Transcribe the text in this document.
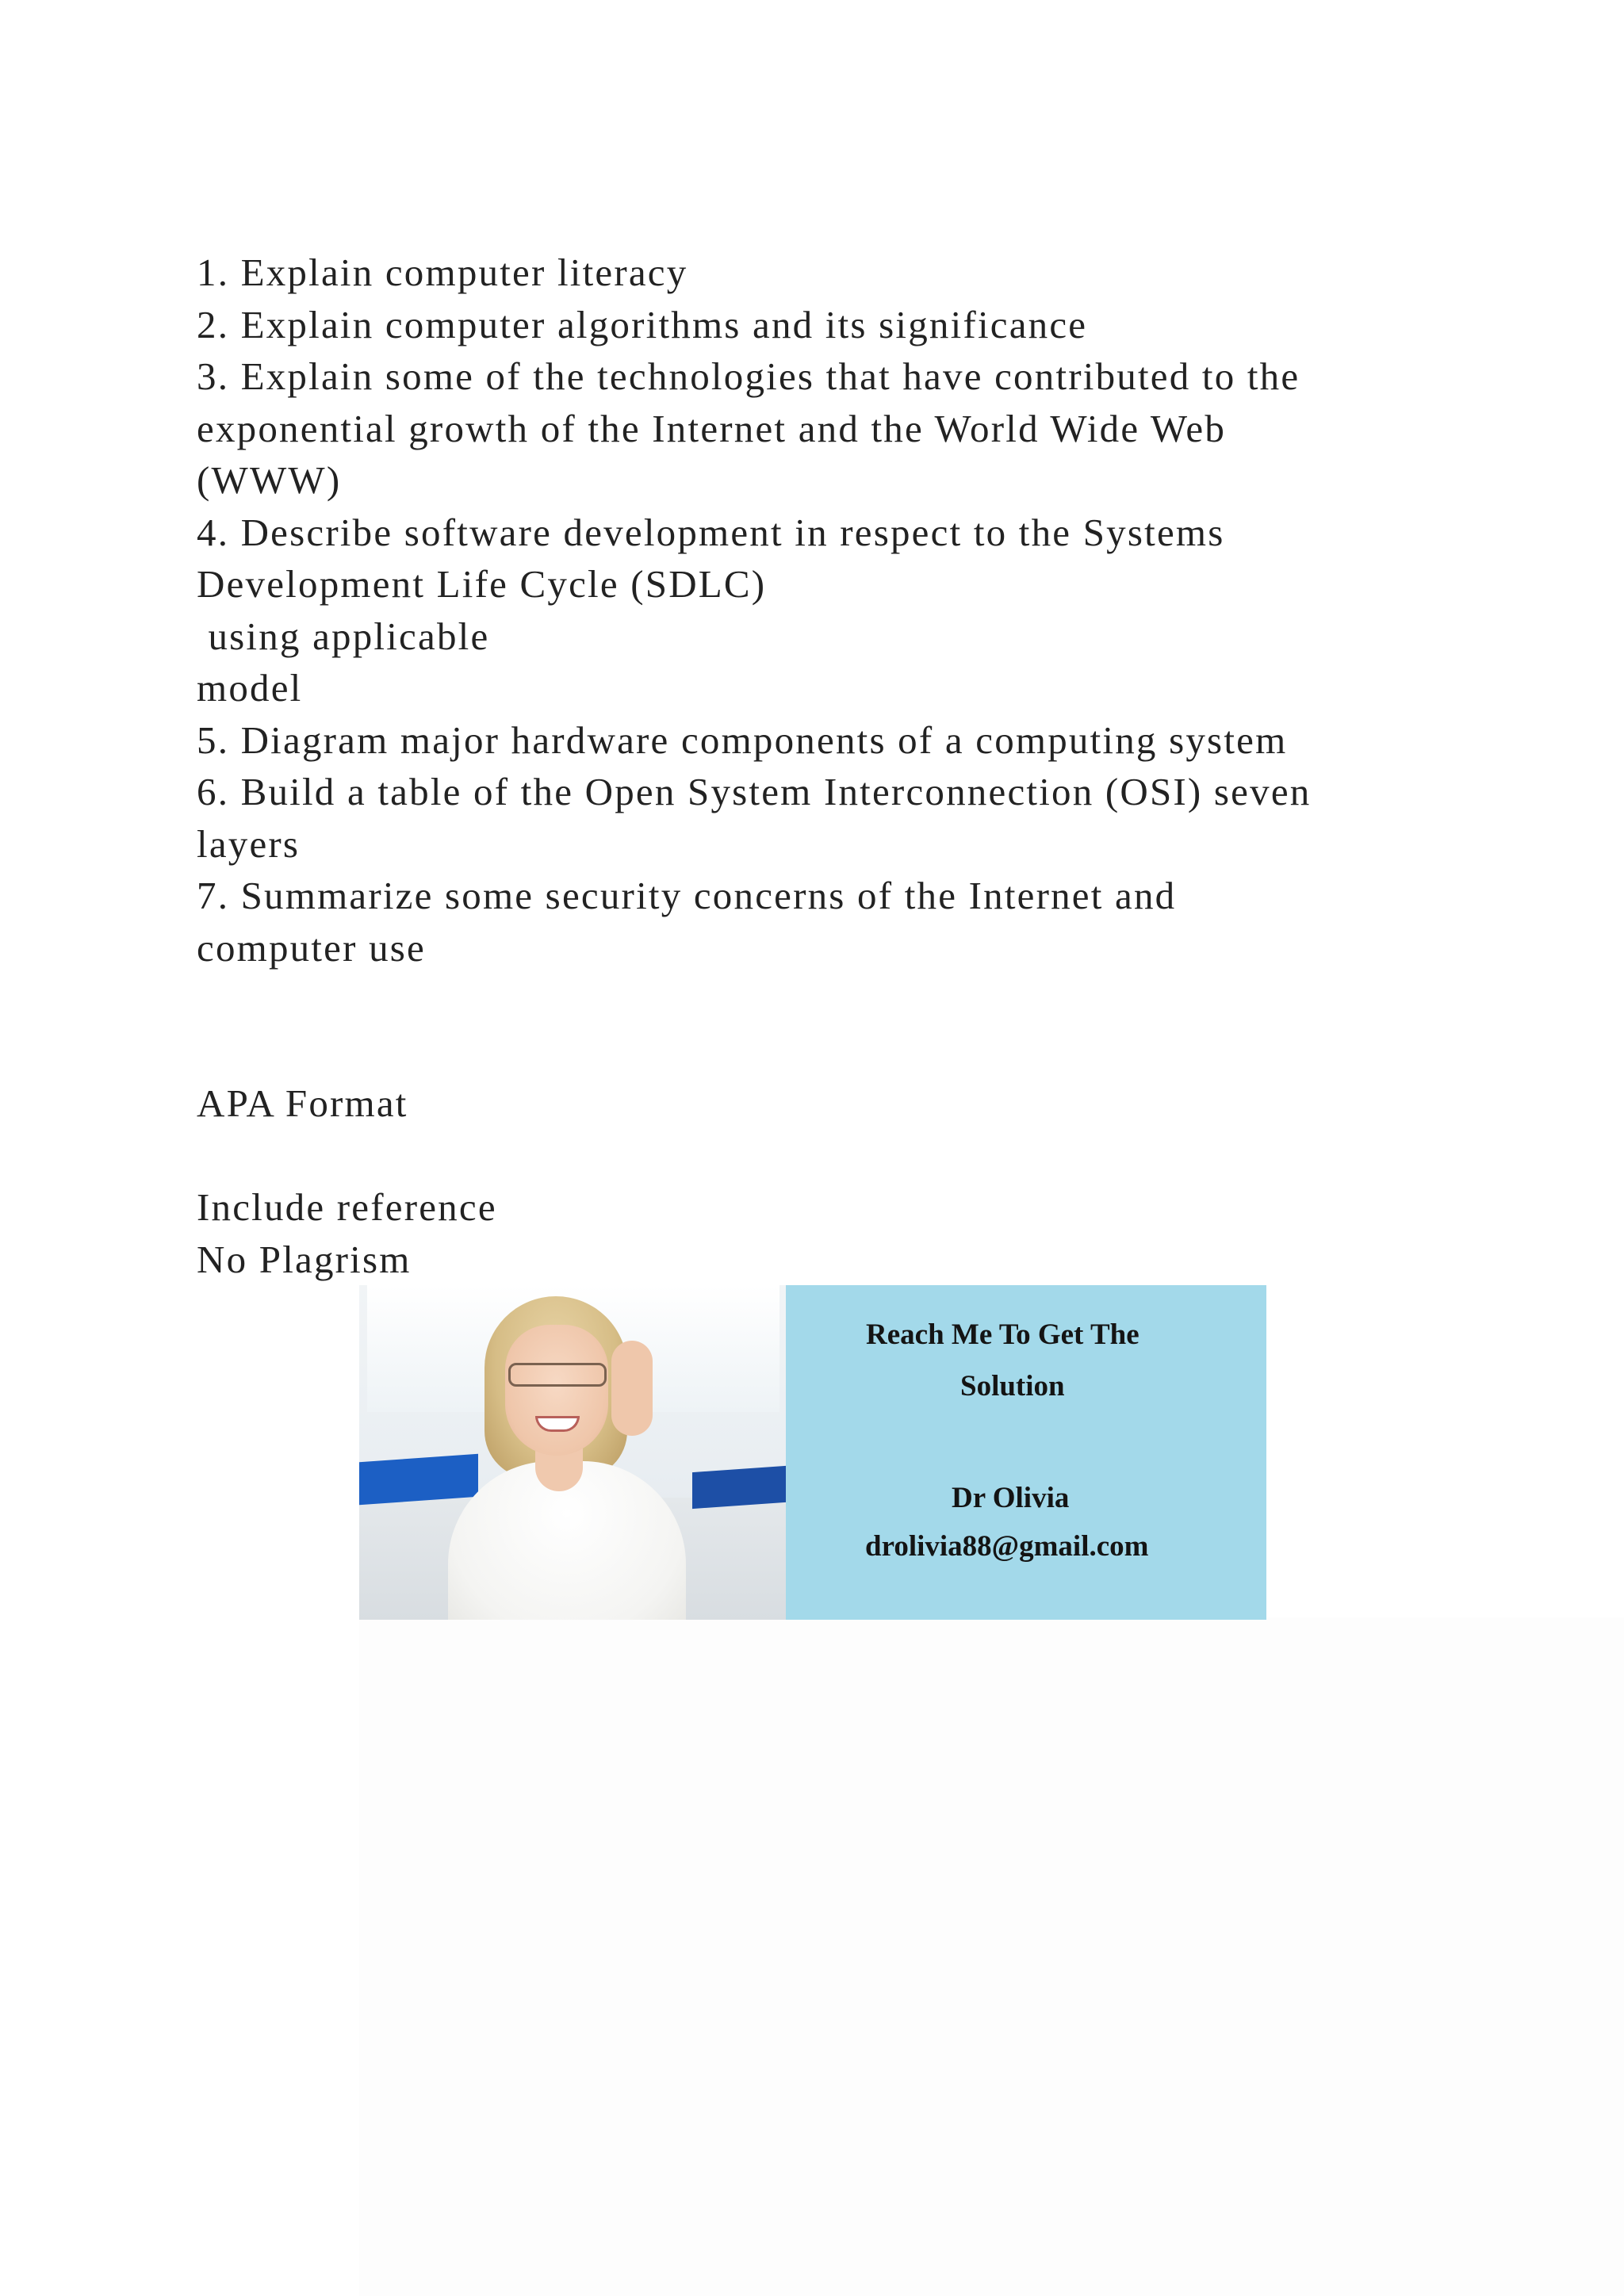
1. Explain computer literacy
2. Explain computer algorithms and its significance
3. Explain some of the technologies that have contributed to the
exponential growth of the Internet and the World Wide Web
(WWW)
4. Describe software development in respect to the Systems
Development Life Cycle (SDLC)
using applicable
model
5. Diagram major hardware components of a computing system
6. Build a table of the Open System Interconnection (OSI) seven
layers
7. Summarize some security concerns of the Internet and
computer use
APA Format
Include reference
No Plagrism
Reach Me To Get The
Solution
Dr Olivia
drolivia88@gmail.com
